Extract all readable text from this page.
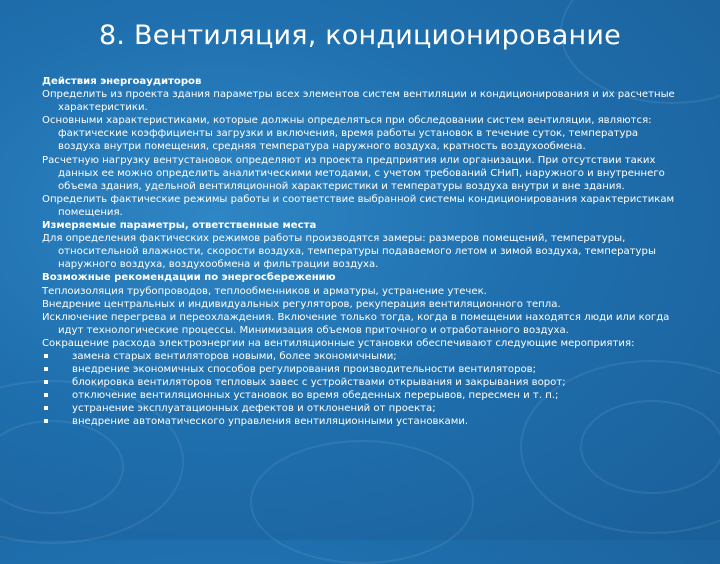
8. Вентиляция, кондиционирование

Действия энергоаудиторов

Определить из проекта здания параметры всех элементов систем вентиляции и кондиционирования и их расчетные характеристики.

Основными характеристиками, которые должны определяться при обследовании систем вентиляции, являются: фактические коэффициенты загрузки и включения, время работы установок в течение суток, температура воздуха внутри помещения, средняя температура наружного воздуха, кратность воздухообмена.

Расчетную нагрузку вентустановок определяют из проекта предприятия или организации. При отсутствии таких данных ее можно определить аналитическими методами, с учетом требований СНиП, наружного и внутреннего объема здания, удельной вентиляционной характеристики и температуры воздуха внутри и вне здания.

Определить фактические режимы работы и соответствие выбранной системы кондиционирования характеристикам помещения.

Измеряемые параметры, ответственные места

Для определения фактических режимов работы производятся замеры: размеров помещений, температуры, относительной влажности, скорости воздуха, температуры подаваемого летом и зимой воздуха, температуры наружного воздуха, воздухообмена и фильтрации воздуха.

Возможные рекомендации по энергосбережению

Теплоизоляция трубопроводов, теплообменников и арматуры, устранение утечек.

Внедрение центральных и индивидуальных регуляторов, рекуперация вентиляционного тепла.

Исключение перегрева и переохлаждения. Включение только тогда, когда в помещении находятся люди или когда идут технологические процессы. Минимизация объемов приточного и отработанного воздуха.

Сокращение расхода электроэнергии на вентиляционные установки обеспечивают следующие мероприятия:

замена старых вентиляторов новыми, более экономичными;

внедрение экономичных способов регулирования производительности вентиляторов;

блокировка вентиляторов тепловых завес с устройствами открывания и закрывания ворот;

отключение вентиляционных установок во время обеденных перерывов, пересмен и т. п.;

устранение эксплуатационных дефектов и отклонений от проекта;

внедрение автоматического управления вентиляционными установками.
